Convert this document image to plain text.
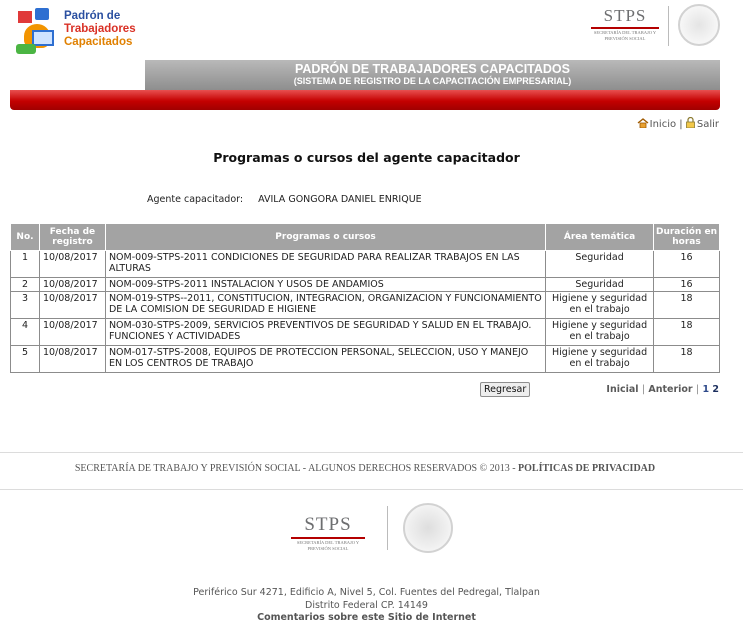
Padrón de
Trabajadores
Capacitados
STPS
SECRETARÍA DEL TRABAJO Y PREVISIÓN SOCIAL
PADRÓN DE TRABAJADORES CAPACITADOS
(SISTEMA DE REGISTRO DE LA CAPACITACIÓN EMPRESARIAL)
Inicio | Salir
Programas o cursos del agente capacitador
Agente capacitador: AVILA GONGORA DANIEL ENRIQUE
No.	Fecha de registro	Programas o cursos	Área temática	Duración en horas
1	10/08/2017	NOM-009-STPS-2011 CONDICIONES DE SEGURIDAD PARA REALIZAR TRABAJOS EN LAS ALTURAS	Seguridad	16
2	10/08/2017	NOM-009-STPS-2011 INSTALACION Y USOS DE ANDAMIOS	Seguridad	16
3	10/08/2017	NOM-019-STPS--2011, CONSTITUCION, INTEGRACION, ORGANIZACION Y FUNCIONAMIENTO DE LA COMISION DE SEGURIDAD E HIGIENE	Higiene y seguridad en el trabajo	18
4	10/08/2017	NOM-030-STPS-2009, SERVICIOS PREVENTIVOS DE SEGURIDAD Y SALUD EN EL TRABAJO. FUNCIONES Y ACTIVIDADES	Higiene y seguridad en el trabajo	18
5	10/08/2017	NOM-017-STPS-2008, EQUIPOS DE PROTECCION PERSONAL, SELECCION, USO Y MANEJO EN LOS CENTROS DE TRABAJO	Higiene y seguridad en el trabajo	18
Regresar	Inicial | Anterior | 1 2
SECRETARÍA DE TRABAJO Y PREVISIÓN SOCIAL - ALGUNOS DERECHOS RESERVADOS © 2013 - POLÍTICAS DE PRIVACIDAD
STPS
SECRETARÍA DEL TRABAJO Y PREVISIÓN SOCIAL
Periférico Sur 4271, Edificio A, Nivel 5, Col. Fuentes del Pedregal, Tlalpan
Distrito Federal CP. 14149
Comentarios sobre este Sitio de Internet
